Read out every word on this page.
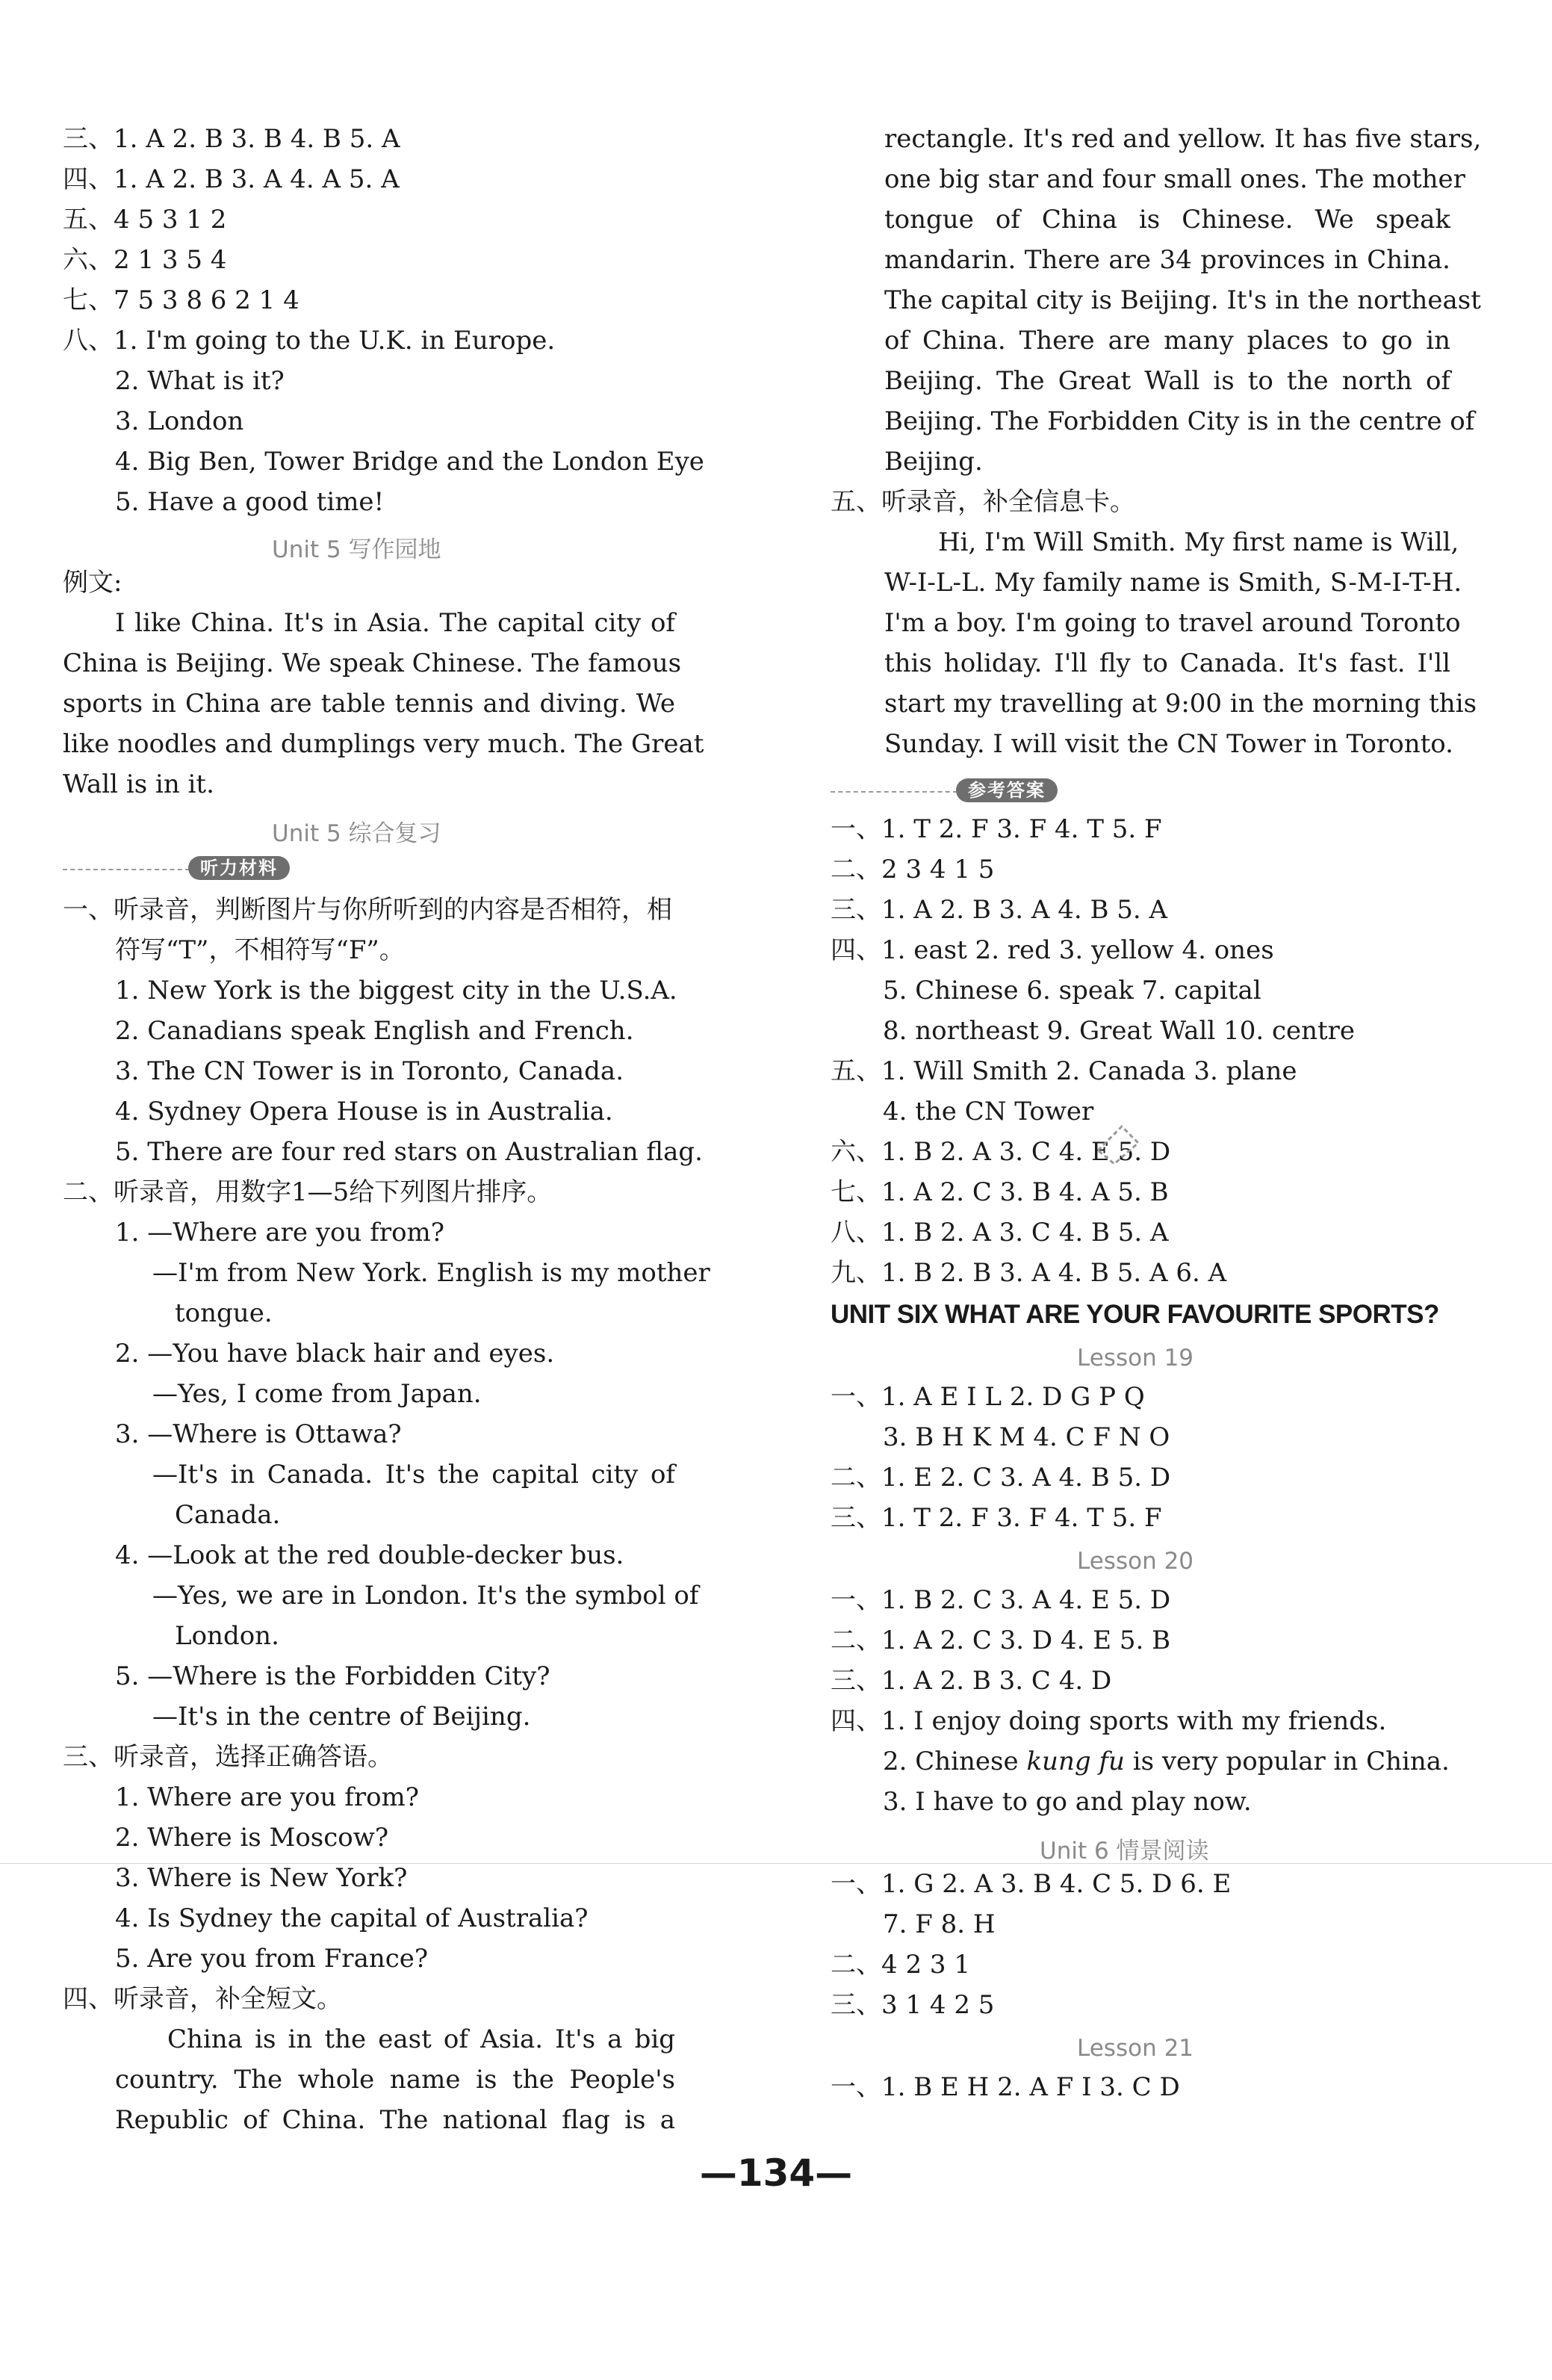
三、1. A 2. B 3. B 4. B 5. A
四、1. A 2. B 3. A 4. A 5. A
五、4 5 3 1 2
六、2 1 3 5 4
七、7 5 3 8 6 2 1 4
八、1. I'm going to the U.K. in Europe.
2. What is it?
3. London
4. Big Ben, Tower Bridge and the London Eye
5. Have a good time!
Unit 5 写作园地
例文:
I like China. It's in Asia. The capital city of
China is Beijing. We speak Chinese. The famous
sports in China are table tennis and diving. We
like noodles and dumplings very much. The Great
Wall is in it.
Unit 5 综合复习
听力材料
一、听录音，判断图片与你所听到的内容是否相符，相
符写“T”，不相符写“F”。
1. New York is the biggest city in the U.S.A.
2. Canadians speak English and French.
3. The CN Tower is in Toronto, Canada.
4. Sydney Opera House is in Australia.
5. There are four red stars on Australian flag.
二、听录音，用数字1—5给下列图片排序。
1. —Where are you from?
—I'm from New York. English is my mother
tongue.
2. —You have black hair and eyes.
—Yes, I come from Japan.
3. —Where is Ottawa?
—It's in Canada. It's the capital city of
Canada.
4. —Look at the red double-decker bus.
—Yes, we are in London. It's the symbol of
London.
5. —Where is the Forbidden City?
—It's in the centre of Beijing.
三、听录音，选择正确答语。
1. Where are you from?
2. Where is Moscow?
3. Where is New York?
4. Is Sydney the capital of Australia?
5. Are you from France?
四、听录音，补全短文。
China is in the east of Asia. It's a big
country. The whole name is the People's
Republic of China. The national flag is a
rectangle. It's red and yellow. It has five stars,
one big star and four small ones. The mother
tongue of China is Chinese. We speak
mandarin. There are 34 provinces in China.
The capital city is Beijing. It's in the northeast
of China. There are many places to go in
Beijing. The Great Wall is to the north of
Beijing. The Forbidden City is in the centre of
Beijing.
五、听录音，补全信息卡。
Hi, I'm Will Smith. My first name is Will,
W-I-L-L. My family name is Smith, S-M-I-T-H.
I'm a boy. I'm going to travel around Toronto
this holiday. I'll fly to Canada. It's fast. I'll
start my travelling at 9:00 in the morning this
Sunday. I will visit the CN Tower in Toronto.
参考答案
一、1. T 2. F 3. F 4. T 5. F
二、2 3 4 1 5
三、1. A 2. B 3. A 4. B 5. A
四、1. east 2. red 3. yellow 4. ones
5. Chinese 6. speak 7. capital
8. northeast 9. Great Wall 10. centre
五、1. Will Smith 2. Canada 3. plane
4. the CN Tower
六、1. B 2. A 3. C 4. E 5. D
七、1. A 2. C 3. B 4. A 5. B
八、1. B 2. A 3. C 4. B 5. A
九、1. B 2. B 3. A 4. B 5. A 6. A
UNIT SIX WHAT ARE YOUR FAVOURITE SPORTS?
Lesson 19
一、1. A E I L 2. D G P Q
3. B H K M 4. C F N O
二、1. E 2. C 3. A 4. B 5. D
三、1. T 2. F 3. F 4. T 5. F
Lesson 20
一、1. B 2. C 3. A 4. E 5. D
二、1. A 2. C 3. D 4. E 5. B
三、1. A 2. B 3. C 4. D
四、1. I enjoy doing sports with my friends.
2. Chinese kung fu is very popular in China.
3. I have to go and play now.
Unit 6 情景阅读
一、1. G 2. A 3. B 4. C 5. D 6. E
7. F 8. H
二、4 2 3 1
三、3 1 4 2 5
Lesson 21
一、1. B E H 2. A F I 3. C D
—134—
